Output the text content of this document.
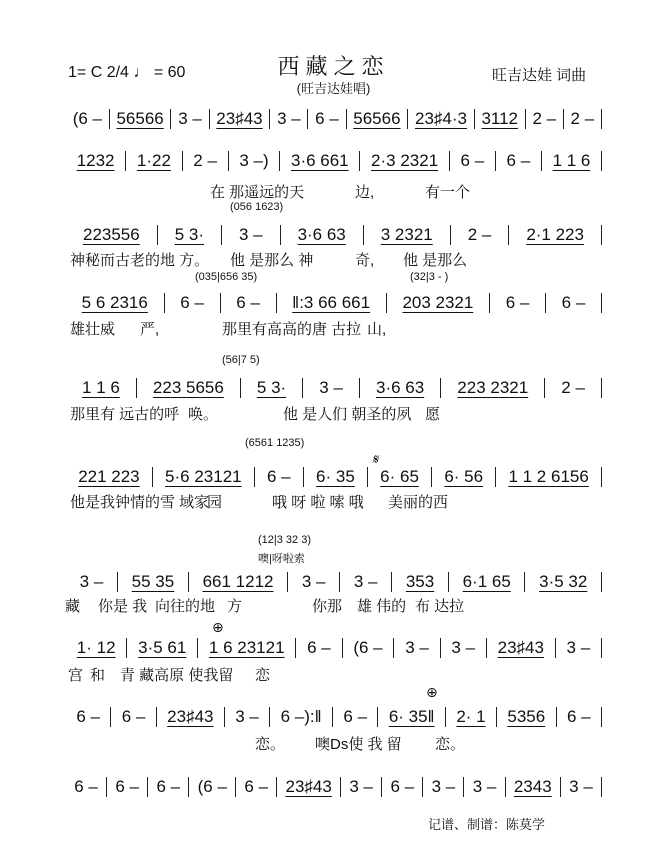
1= C 2/4 ♩ = 60	西藏之恋
(旺吉达娃唱)
旺吉达娃 词曲
(6 – 56566 3 – 23♯43 3 – 6 – 56566 23♯4·3 3112 2 – 2 –
1232	1·22	2 –	3 –)	3·6 661	2·3 2321	6 –	6 –	1 1 6
223556	5 3·	3 –	3·6 63	3 2321	2 –	2·1 223
5 6 2316	6 –	6 –	‖:3 66 661	203 2321	6 –	6 –
1 1 6	223 5656	5 3·	3 –	3·6 63	223 2321	2 –
221 223	5·6 23121	6 –	6· 35	6· 65	6· 56	1 1 2 6156
3 –	55 35	661 1212	3 –	3 –	353	6·1 65	3·5 32
1· 12	3·5 61	1 6 23121	6 –	(6 –	3 –	3 –	23♯43	3 –
6 –	6 –	23♯43	3 –	6 –):‖	6 –	6· 35‖	2· 1	5356	6 –
6 –	6 –	6 –	(6 –	6 –	23♯43	3 –	6 –	3 –	3 –	2343	3 –
在 那遥远的天	边,	有一个
神秘而古老的地 方。 他 是那么 神	奇, 他 是那么
雄壮威 严,	那里有高高的唐 古拉 山,
那里有 远古的呼 唤。	他 是人们 朝圣的夙 愿
他是我钟情的雪 域家
园	哦 呀 啦 嗦 哦 美丽的西
藏 你是 我 向往的地 方	你那 雄 伟的 布 达拉
宫 和 青 藏高原 使我留 恋
恋。 噢Ds使 我 留 恋。
(056 1623)
(035|656 35)	(32|3 - )
(56|7 5)
(6561 1235)
(12|3 32 3)
噢|呀啦索
⊕
⊕
𝄋
记谱、制谱：陈莫学
